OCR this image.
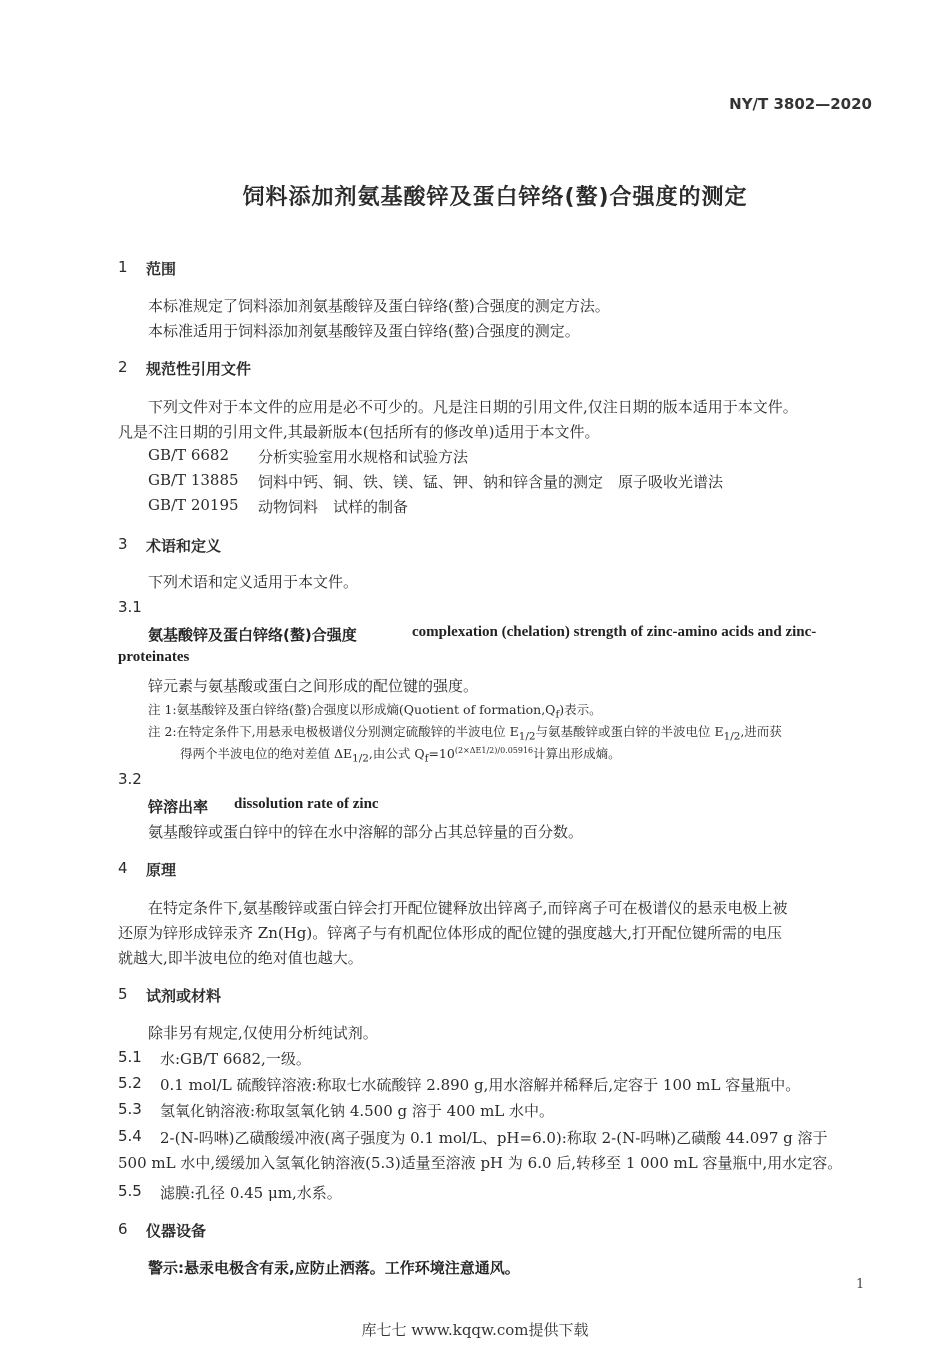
NY/T 3802—2020
饲料添加剂氨基酸锌及蛋白锌络(螯)合强度的测定
1 范围
本标准规定了饲料添加剂氨基酸锌及蛋白锌络(螯)合强度的测定方法。
本标准适用于饲料添加剂氨基酸锌及蛋白锌络(螯)合强度的测定。
2 规范性引用文件
下列文件对于本文件的应用是必不可少的。凡是注日期的引用文件,仅注日期的版本适用于本文件。
凡是不注日期的引用文件,其最新版本(包括所有的修改单)适用于本文件。
GB/T 6682 分析实验室用水规格和试验方法
GB/T 13885 饲料中钙、铜、铁、镁、锰、钾、钠和锌含量的测定　原子吸收光谱法
GB/T 20195 动物饲料　试样的制备
3 术语和定义
下列术语和定义适用于本文件。
3.1
氨基酸锌及蛋白锌络(螯)合强度	complexation (chelation) strength of zinc-amino acids and zinc-
proteinates
锌元素与氨基酸或蛋白之间形成的配位键的强度。
注 1:氨基酸锌及蛋白锌络(螯)合强度以形成熵(Quotient of $formation,Q_f$)表示。
注 2:在特定条件下,用悬汞电极极谱仪分别测定硫酸锌的半波电位 $E_{1/2}$与氨基酸锌或蛋白锌的半波电位 $E_{1/2}$,进而获
得两个半波电位的绝对差值 $\Delta E_{1/2}$,由公式 $Q_f=10^{(2\times\Delta E1/2)/0.05916}$计算出形成熵。
3.2
锌溶出率 dissolution rate of zinc
氨基酸锌或蛋白锌中的锌在水中溶解的部分占其总锌量的百分数。
4 原理
在特定条件下,氨基酸锌或蛋白锌会打开配位键释放出锌离子,而锌离子可在极谱仪的悬汞电极上被
还原为锌形成锌汞齐 Zn(Hg)。锌离子与有机配位体形成的配位键的强度越大,打开配位键所需的电压
就越大,即半波电位的绝对值也越大。
5 试剂或材料
除非另有规定,仅使用分析纯试剂。
5.1 水:GB/T 6682,一级。
5.2 0.1 mol/L 硫酸锌溶液:称取七水硫酸锌 2.890 g,用水溶解并稀释后,定容于 100 mL 容量瓶中。
5.3 氢氧化钠溶液:称取氢氧化钠 4.500 g 溶于 400 mL 水中。
5.4 2-(N-吗啉)乙磺酸缓冲液(离子强度为 0.1 mol/L、pH=6.0):称取 2-(N-吗啉)乙磺酸 44.097 g 溶于
500 mL 水中,缓缓加入氢氧化钠溶液(5.3)适量至溶液 pH 为 6.0 后,转移至 1 000 mL 容量瓶中,用水定容。
5.5 滤膜:孔径 0.45 μm,水系。
6 仪器设备
警示:悬汞电极含有汞,应防止洒落。工作环境注意通风。
1
库七七 www.kqqw.com提供下载
